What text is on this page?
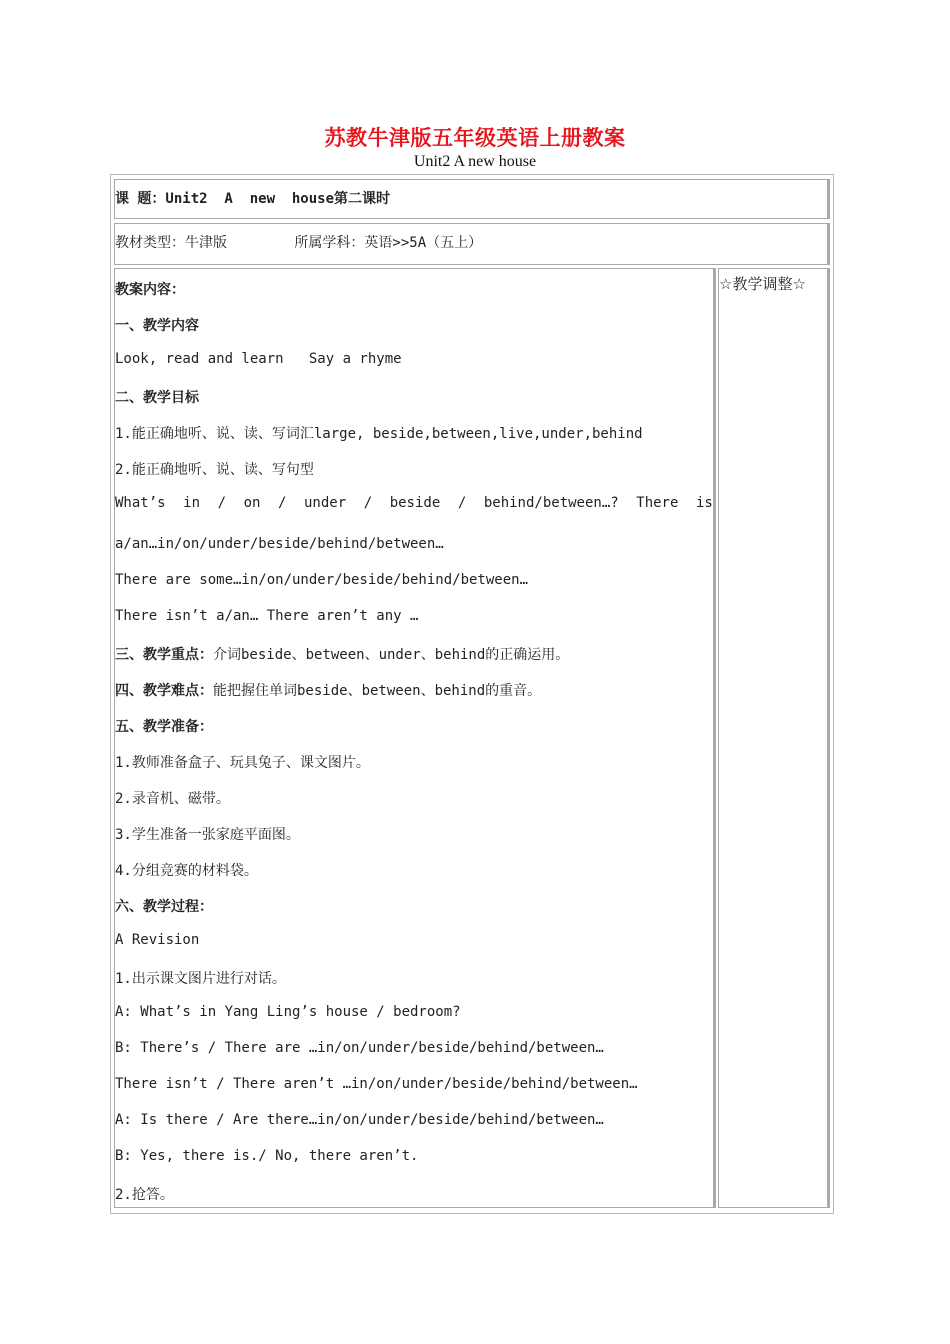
苏教牛津版五年级英语上册教案
Unit2 A new house
课 题：Unit2  A  new  house第二课时
教材类型：牛津版        所属学科：英语>>5A（五上）
教案内容：
一、教学内容
Look, read and learn   Say a rhyme
二、教学目标
1.能正确地听、说、读、写词汇large, beside,between,live,under,behind
2.能正确地听、说、读、写句型
What’s in / on / under / beside / behind/between…? There is
a/an…in/on/under/beside/behind/between…
There are some…in/on/under/beside/behind/between…
There isn’t a/an… There aren’t any …
三、教学重点：介词beside、between、under、behind的正确运用。
四、教学难点：能把握住单词beside、between、behind的重音。
五、教学准备：
1.教师准备盒子、玩具兔子、课文图片。
2.录音机、磁带。
3.学生准备一张家庭平面图。
4.分组竞赛的材料袋。
六、教学过程：
A Revision
1.出示课文图片进行对话。
A: What’s in Yang Ling’s house / bedroom?
B: There’s / There are …in/on/under/beside/behind/between…
There isn’t / There aren’t …in/on/under/beside/behind/between…
A: Is there / Are there…in/on/under/beside/behind/between…
B: Yes, there is./ No, there aren’t.
2.抢答。
☆教学调整☆
